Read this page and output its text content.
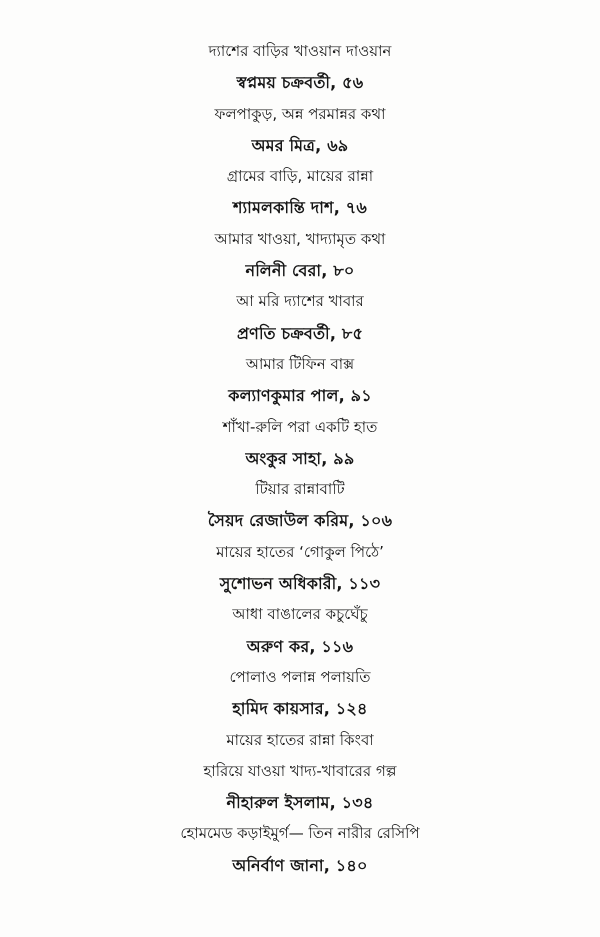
দ্যাশের বাড়ির খাওয়ান দাওয়ান
স্বপ্নময় চক্রবর্তী, ৫৬
ফলপাকুড়, অন্ন পরমান্নর কথা
অমর মিত্র, ৬৯
গ্রামের বাড়ি, মায়ের রান্না
শ্যামলকান্তি দাশ, ৭৬
আমার খাওয়া, খাদ্যামৃত কথা
নলিনী বেরা, ৮০
আ মরি দ্যাশের খাবার
প্রণতি চক্রবর্তী, ৮৫
আমার টিফিন বাক্স
কল্যাণকুমার পাল, ৯১
শাঁখা-রুলি পরা একটি হাত
অংকুর সাহা, ৯৯
টিয়ার রান্নাবাটি
সৈয়দ রেজাউল করিম, ১০৬
মায়ের হাতের ‘গোকুল পিঠে’
সুশোভন অধিকারী, ১১৩
আধা বাঙালের কচুঘেঁচু
অরুণ কর, ১১৬
পোলাও পলান্ন পলায়তি
হামিদ কায়সার, ১২৪
মায়ের হাতের রান্না কিংবা
হারিয়ে যাওয়া খাদ্য-খাবারের গল্প
নীহারুল ইসলাম, ১৩৪
হোমমেড কড়াইমুর্গ— তিন নারীর রেসিপি
অনির্বাণ জানা, ১৪০
